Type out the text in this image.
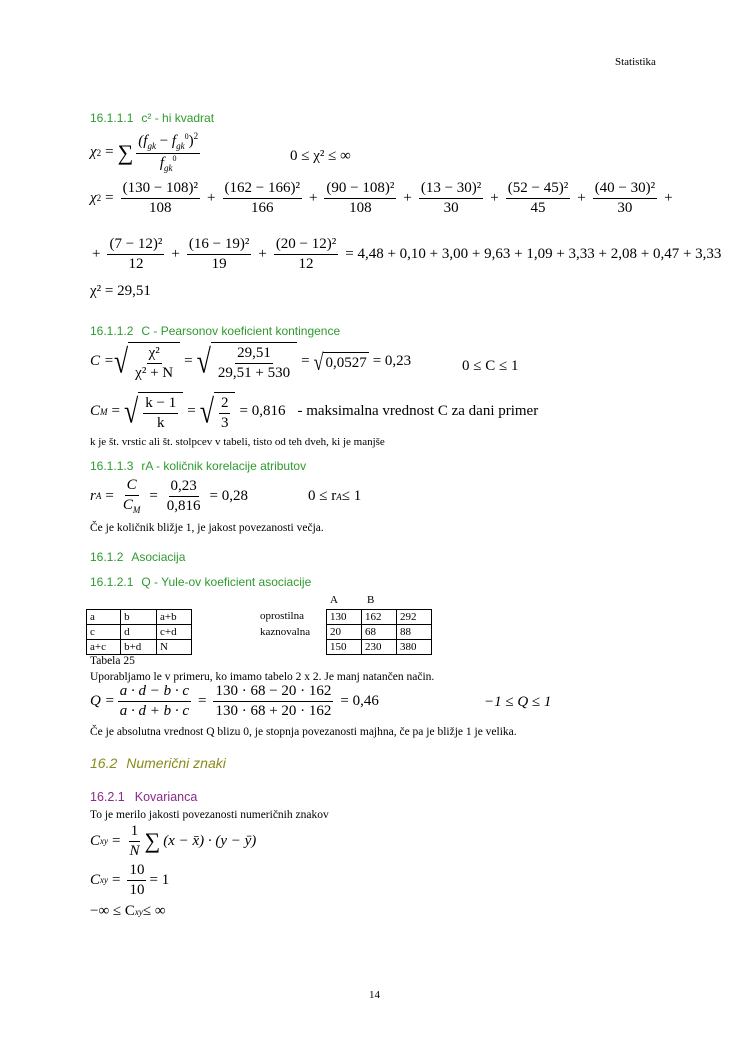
Statistika
16.1.1.1 c² - hi kvadrat
χ 2 = ∑ $\frac{(f_{gk} - f_{gk}^0)^2}{f_{gk}^0}$	0 ≤ χ² ≤ ∞
χ $2 = \frac{\text{(130 − 108)²}}{108} + \frac{\text{(162 − 166)²}}{166} + \frac{\text{(90 − 108)²}}{108} + \frac{\text{(13 − 30)²}}{30} + \frac{\text{(52 − 45)²}}{45} + \frac{\text{(40 − 30)²}}{30}$ +
+ $\frac{\text{(7 − 12)²}}{12} + \frac{\text{(16 − 19)²}}{19} + \frac{\text{(20 − 12)²}}{12} = 4,48 + 0,10 + 3,00 + 9,63 + 1,09 + 3,33 + 2,08 + 0,47 + 3,33$
χ² = 29,51
16.1.1.2 C - Pearsonov koeficient kontingence
C = √ $\frac{\text{χ²}}{\text{χ² + N}}$ = √ $\frac{29,51}{29,51 + 530}$ = √ 0,0527 = 0,23	0 ≤ C ≤ 1
C M = √ $\frac{k - 1}{k}$ = √ $\frac{2}{3} = 0,816$ - maksimalna vrednost C za dani primer
k je št. vrstic ali št. stolpcev v tabeli, tisto od teh dveh, ki je manjše
16.1.1.3 rA - količnik korelacije atributov
r $A = \frac{C}{C_M} = \frac{0,23}{0,816} = 0,28$	0 ≤ r A ≤ 1
Če je količnik bližje 1, je jakost povezanosti večja.
16.1.2 Asociacija
16.1.2.1 Q - Yule-ov koeficient asociacije
a	b	a+b
c	d	c+d
a+c	b+d	N
A	B
oprostilna
kaznovalna
130	162	292
20	68	88
150	230	380
Tabela 25
Uporabljamo le v primeru, ko imamo tabelo 2 x 2. Je manj natančen način.
$Q = \frac{a \cdot d - b \cdot c}{a \cdot d + b \cdot c} = \frac{130 \cdot 68 - 20 \cdot 162}{130 \cdot 68 + 20 \cdot 162} = 0,46$	−1 ≤ Q ≤ 1
Če je absolutna vrednost Q blizu 0, je stopnja povezanosti majhna, če pa je bližje 1 je velika.
16.2 Numerični znaki
16.2.1 Kovarianca
To je merilo jakosti povezanosti numeričnih znakov
C xy = $\frac{1}{N}$ ∑ (x − x̄) · (y − ȳ)
C xy = $\frac{10}{10} = 1$
−∞ ≤ C xy ≤ ∞
14
